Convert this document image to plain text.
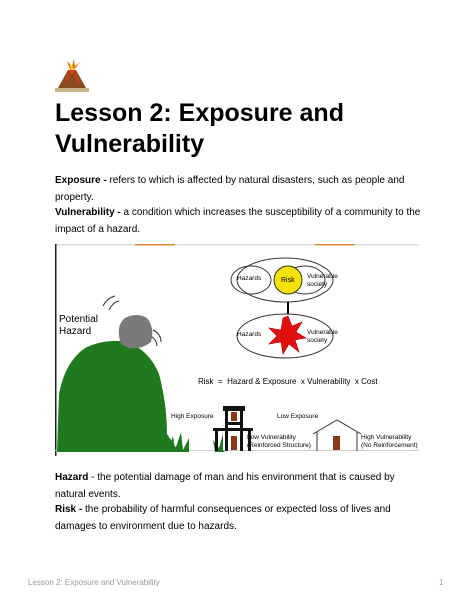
Lesson 2: Exposure and Vulnerability

Exposure - refers to which is affected by natural disasters, such as people and property.

Vulnerability - a condition which increases the susceptibility of a community to the impact of a hazard.

Potential
Hazard
Hazards	Risk
Vulnerable
society
Hazards	Vulnerable
society
Risk  =  Hazard & Exposure  x Vulnerability  x Cost
High Exposure	Low Exposure
Low Vulnerability
(Reinforced Structure)
High Vulnerability
(No Reinforcement)

Hazard - the potential damage of man and his environment that is caused by natural events.

Risk - the probability of harmful consequences or expected loss of lives and damages to environment due to hazards.

Lesson 2: Exposure and Vulnerability	1
